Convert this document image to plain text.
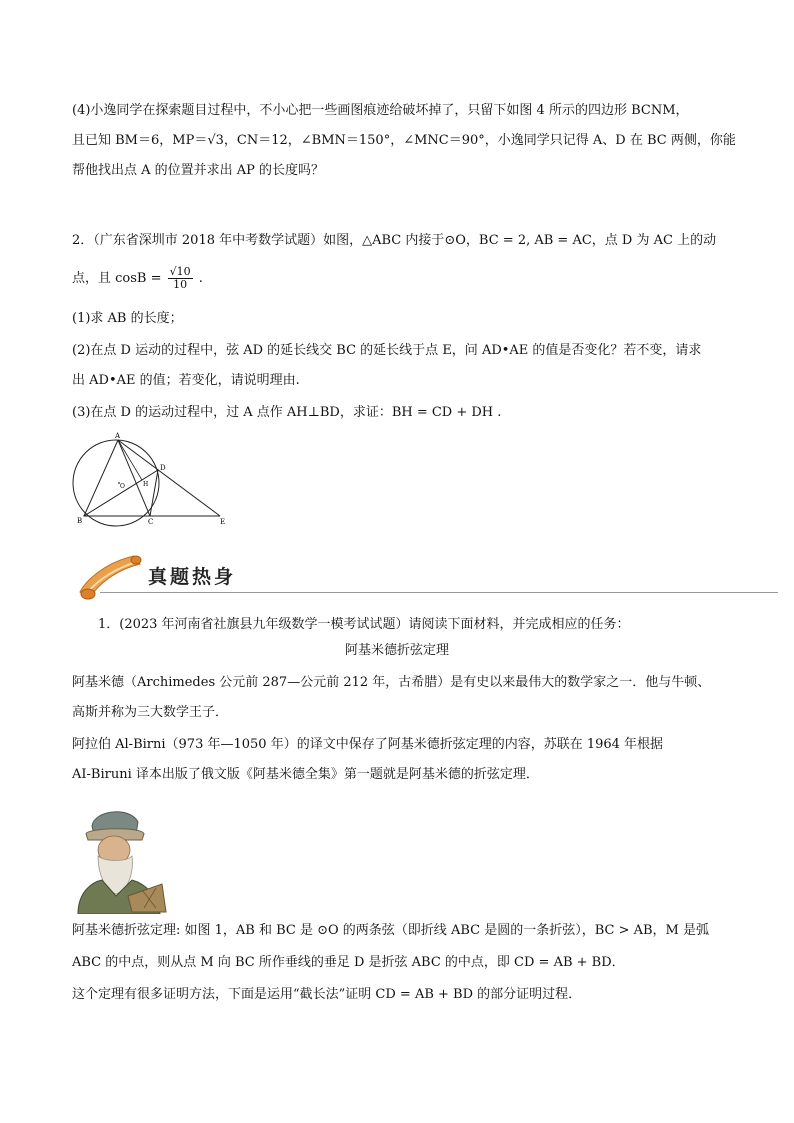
(4)小逸同学在探索题目过程中，不小心把一些画图痕迹给破坏掉了，只留下如图 4 所示的四边形 BCNM，
且已知 BM＝6，MP＝√3，CN＝12，∠BMN＝150°，∠MNC＝90°，小逸同学只记得 A、D 在 BC 两侧，你能
帮他找出点 A 的位置并求出 AP 的长度吗？
2．（广东省深圳市 2018 年中考数学试题）如图，△ABC 内接于⊙O，BC = 2, AB = AC，点 D 为 AC 上的动
点，且 $\cos B = \frac{√10}{10}$ .
(1)求 AB 的长度；
(2)在点 D 运动的过程中，弦 AD 的延长线交 BC 的延长线于点 E，问 AD•AE 的值是否变化？若不变，请求
出 AD•AE 的值；若变化，请说明理由.
(3)在点 D 的运动过程中，过 A 点作 AH⊥BD，求证：BH = CD + DH .
A
B	C
D
E
H
O
真题热身
1．(2023 年河南省社旗县九年级数学一模考试试题）请阅读下面材料，并完成相应的任务：
阿基米德折弦定理
阿基米德（Archimedes 公元前 287—公元前 212 年，古希腊）是有史以来最伟大的数学家之一．他与牛顿、
高斯并称为三大数学王子．
阿拉伯 Al-Birni（973 年—1050 年）的译文中保存了阿基米德折弦定理的内容，苏联在 1964 年根据
AI-Biruni 译本出版了俄文版《阿基米德全集》第一题就是阿基米德的折弦定理．
阿基米德折弦定理: 如图 1，AB 和 BC 是 ⊙O 的两条弦（即折线 ABC 是圆的一条折弦），BC > AB，M 是弧
ABC 的中点，则从点 M 向 BC 所作垂线的垂足 D 是折弦 ABC 的中点，即 CD = AB + BD．
这个定理有很多证明方法，下面是运用“截长法”证明 CD = AB + BD 的部分证明过程．
